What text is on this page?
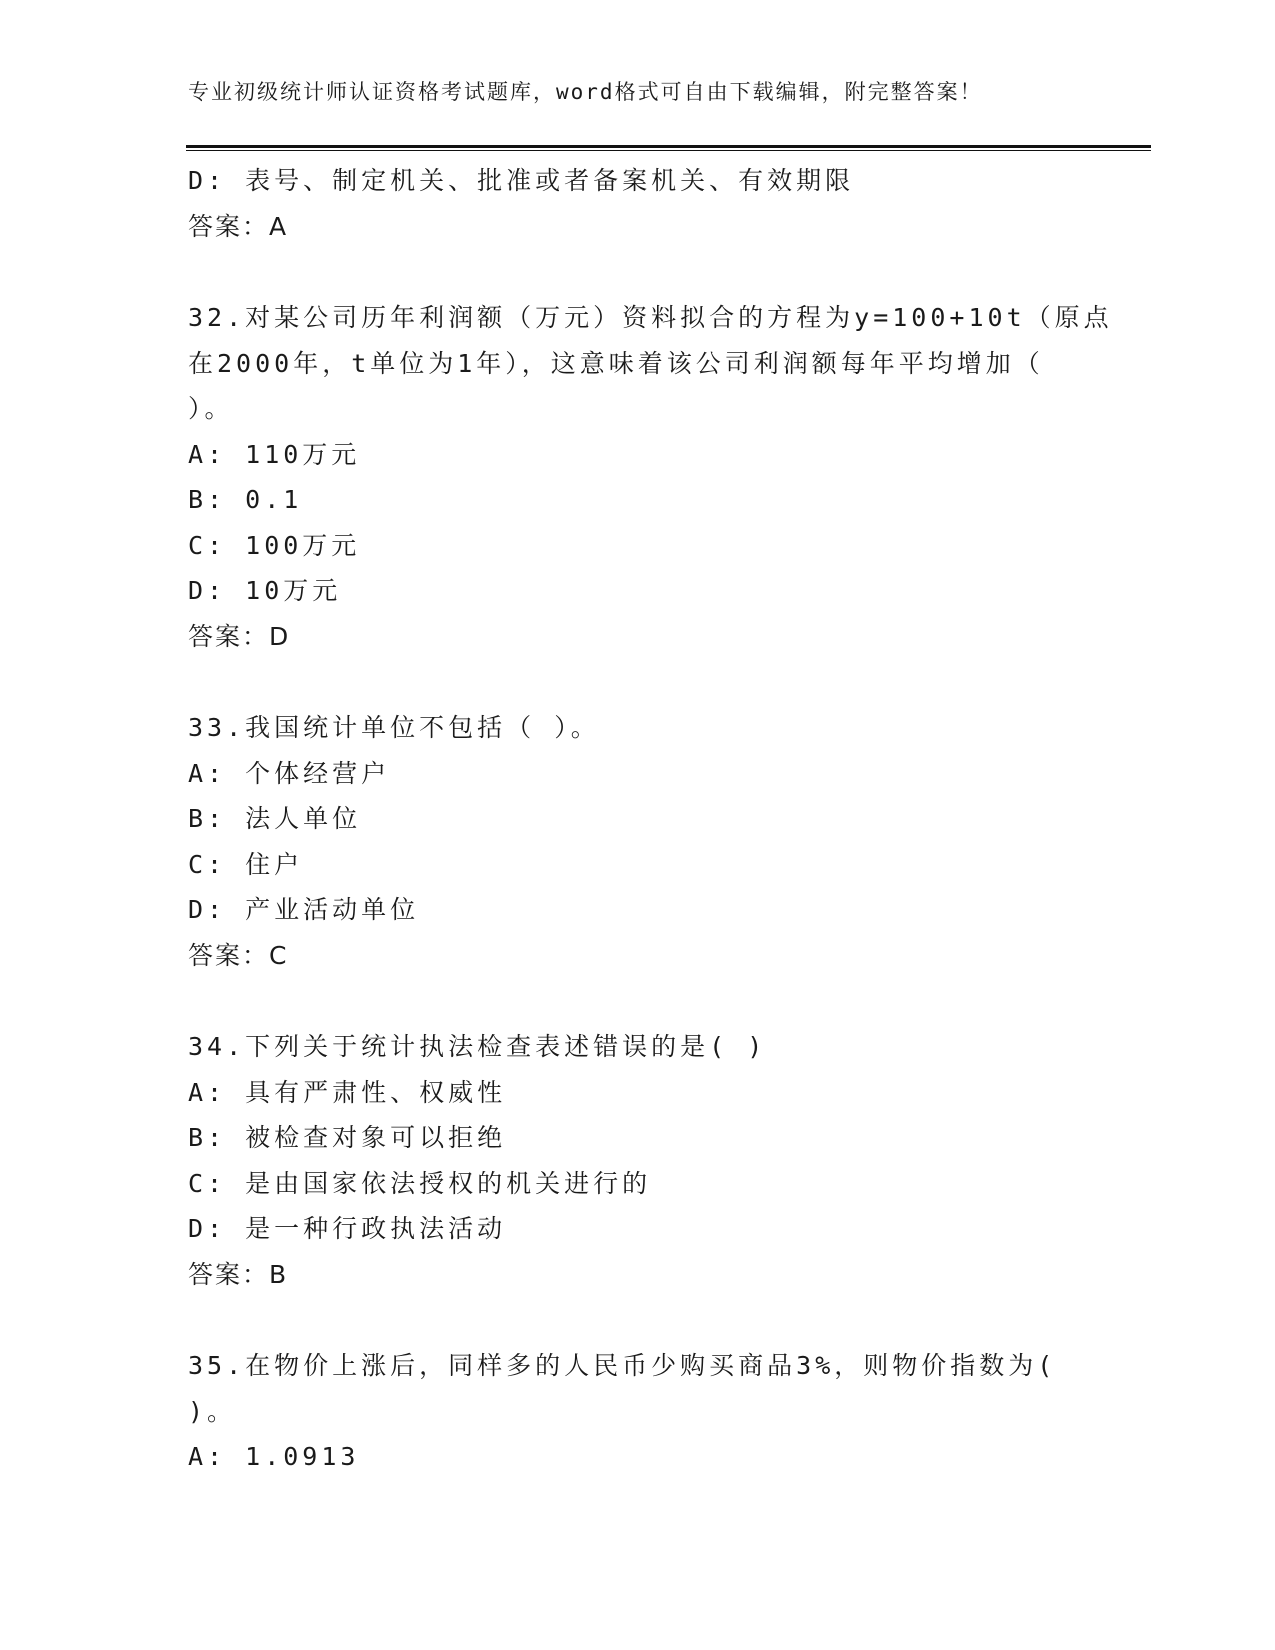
专业初级统计师认证资格考试题库，word格式可自由下载编辑，附完整答案！
D: 表号、制定机关、批准或者备案机关、有效期限
答案：A
32.对某公司历年利润额（万元）资料拟合的方程为y=100+10t（原点
在2000年，t单位为1年），这意味着该公司利润额每年平均增加（
）。
A: 110万元
B: 0.1
C: 100万元
D: 10万元
答案：D
33.我国统计单位不包括（ ）。
A: 个体经营户
B: 法人单位
C: 住户
D: 产业活动单位
答案：C
34.下列关于统计执法检查表述错误的是( )
A: 具有严肃性、权威性
B: 被检查对象可以拒绝
C: 是由国家依法授权的机关进行的
D: 是一种行政执法活动
答案：B
35.在物价上涨后，同样多的人民币少购买商品3%，则物价指数为(
)。
A: 1.0913
